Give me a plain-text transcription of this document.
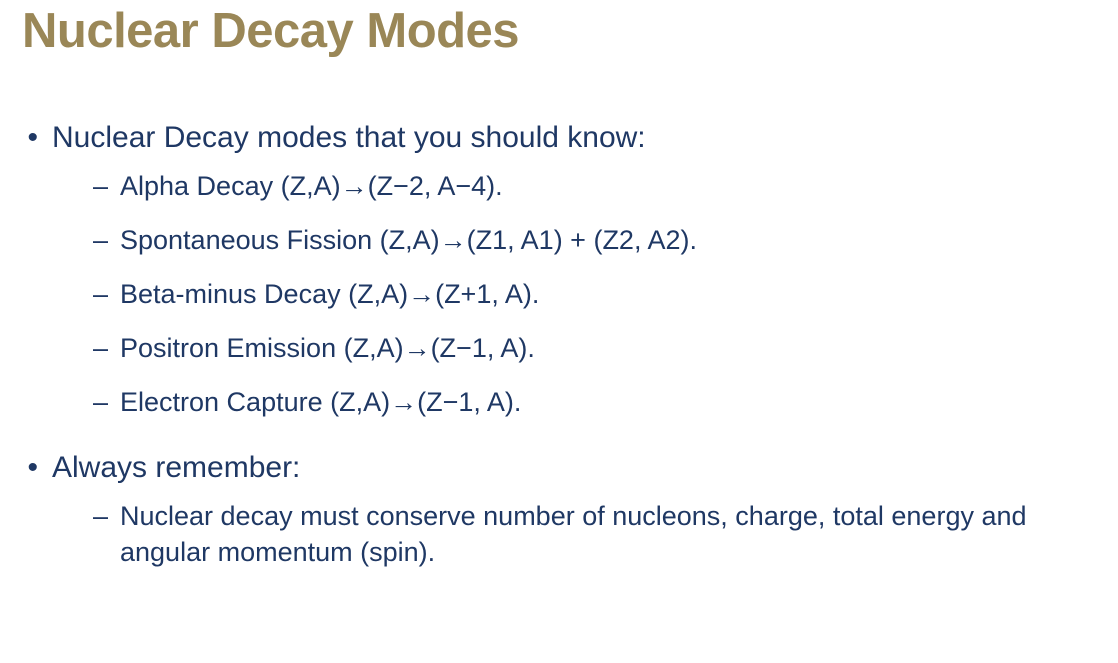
Nuclear Decay Modes
• Nuclear Decay modes that you should know:
– Alpha Decay (Z,A)→(Z−2, A−4).
– Spontaneous Fission (Z,A)→(Z1, A1) + (Z2, A2).
– Beta-minus Decay (Z,A)→(Z+1, A).
– Positron Emission (Z,A)→(Z−1, A).
– Electron Capture (Z,A)→(Z−1, A).
• Always remember:
– Nuclear decay must conserve number of nucleons, charge, total energy and angular momentum (spin).
